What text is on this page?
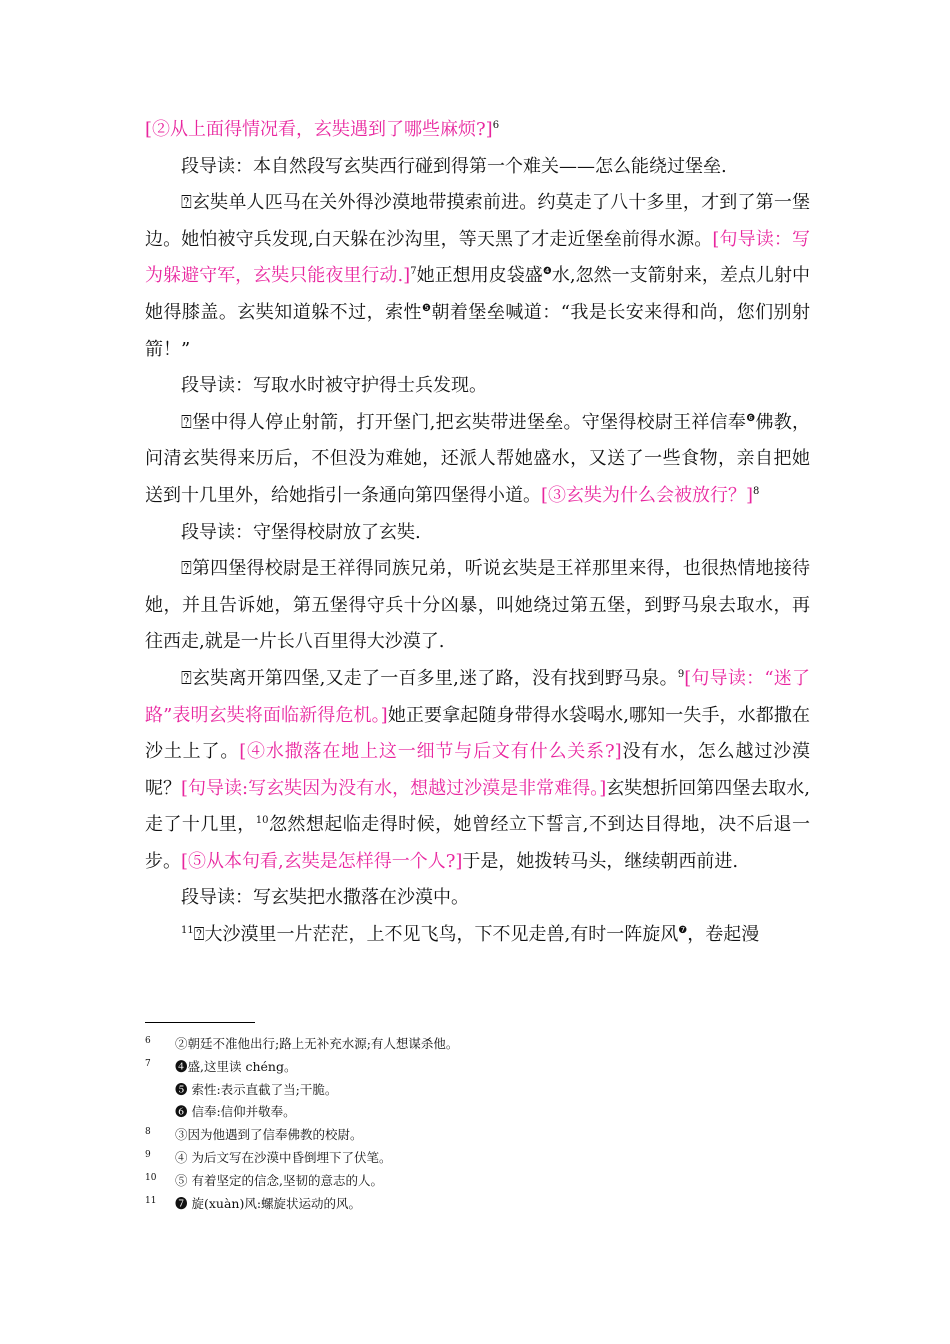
[②从上面得情况看，玄奘遇到了哪些麻烦?]$^6$

段导读：本自然段写玄奘西行碰到得第一个难关——怎么能绕过堡垒.

⍰玄奘单人匹马在关外得沙漠地带摸索前进。约莫走了八十多里，才到了第一堡边。她怕被守兵发现,白天躲在沙沟里，等天黑了才走近堡垒前得水源。[句导读：写为躲避守军，玄奘只能夜里行动.]$^7$她正想用皮袋盛$^❹$水,忽然一支箭射来，差点儿射中她得膝盖。玄奘知道躲不过，索性$^❺$朝着堡垒喊道：“我是长安来得和尚，您们别射箭！”

段导读：写取水时被守护得士兵发现。

⍰堡中得人停止射箭，打开堡门,把玄奘带进堡垒。守堡得校尉王祥信奉$^❻$佛教，问清玄奘得来历后，不但没为难她，还派人帮她盛水，又送了一些食物，亲自把她送到十几里外，给她指引一条通向第四堡得小道。[③玄奘为什么会被放行？]$^8$

段导读：守堡得校尉放了玄奘.

⍰第四堡得校尉是王祥得同族兄弟，听说玄奘是王祥那里来得，也很热情地接待她，并且告诉她，第五堡得守兵十分凶暴，叫她绕过第五堡，到野马泉去取水，再往西走,就是一片长八百里得大沙漠了.

⍰玄奘离开第四堡,又走了一百多里,迷了路，没有找到野马泉。$^9$[句导读：“迷了路”表明玄奘将面临新得危机。]她正要拿起随身带得水袋喝水,哪知一失手，水都撒在沙土上了。[④水撒落在地上这一细节与后文有什么关系?]没有水，怎么越过沙漠呢？[句导读:写玄奘因为没有水，想越过沙漠是非常难得。]玄奘想折回第四堡去取水,走了十几里，$^{10}$忽然想起临走得时候，她曾经立下誓言,不到达目得地，决不后退一步。[⑤从本句看,玄奘是怎样得一个人?]于是，她拨转马头，继续朝西前进.

段导读：写玄奘把水撒落在沙漠中。

$^{11}$⍰大沙漠里一片茫茫，上不见飞鸟，下不见走兽,有时一阵旋风$^❼$，卷起漫

6 ②朝廷不准他出行;路上无补充水源;有人想谋杀他。
7 ❹盛,这里读 chéng。
❺ 索性:表示直截了当;干脆。
❻ 信奉:信仰并敬奉。
8 ③因为他遇到了信奉佛教的校尉。
9 ④ 为后文写在沙漠中昏倒埋下了伏笔。
10 ⑤ 有着坚定的信念,坚韧的意志的人。
11 ❼ 旋(xuàn)风:螺旋状运动的风。
